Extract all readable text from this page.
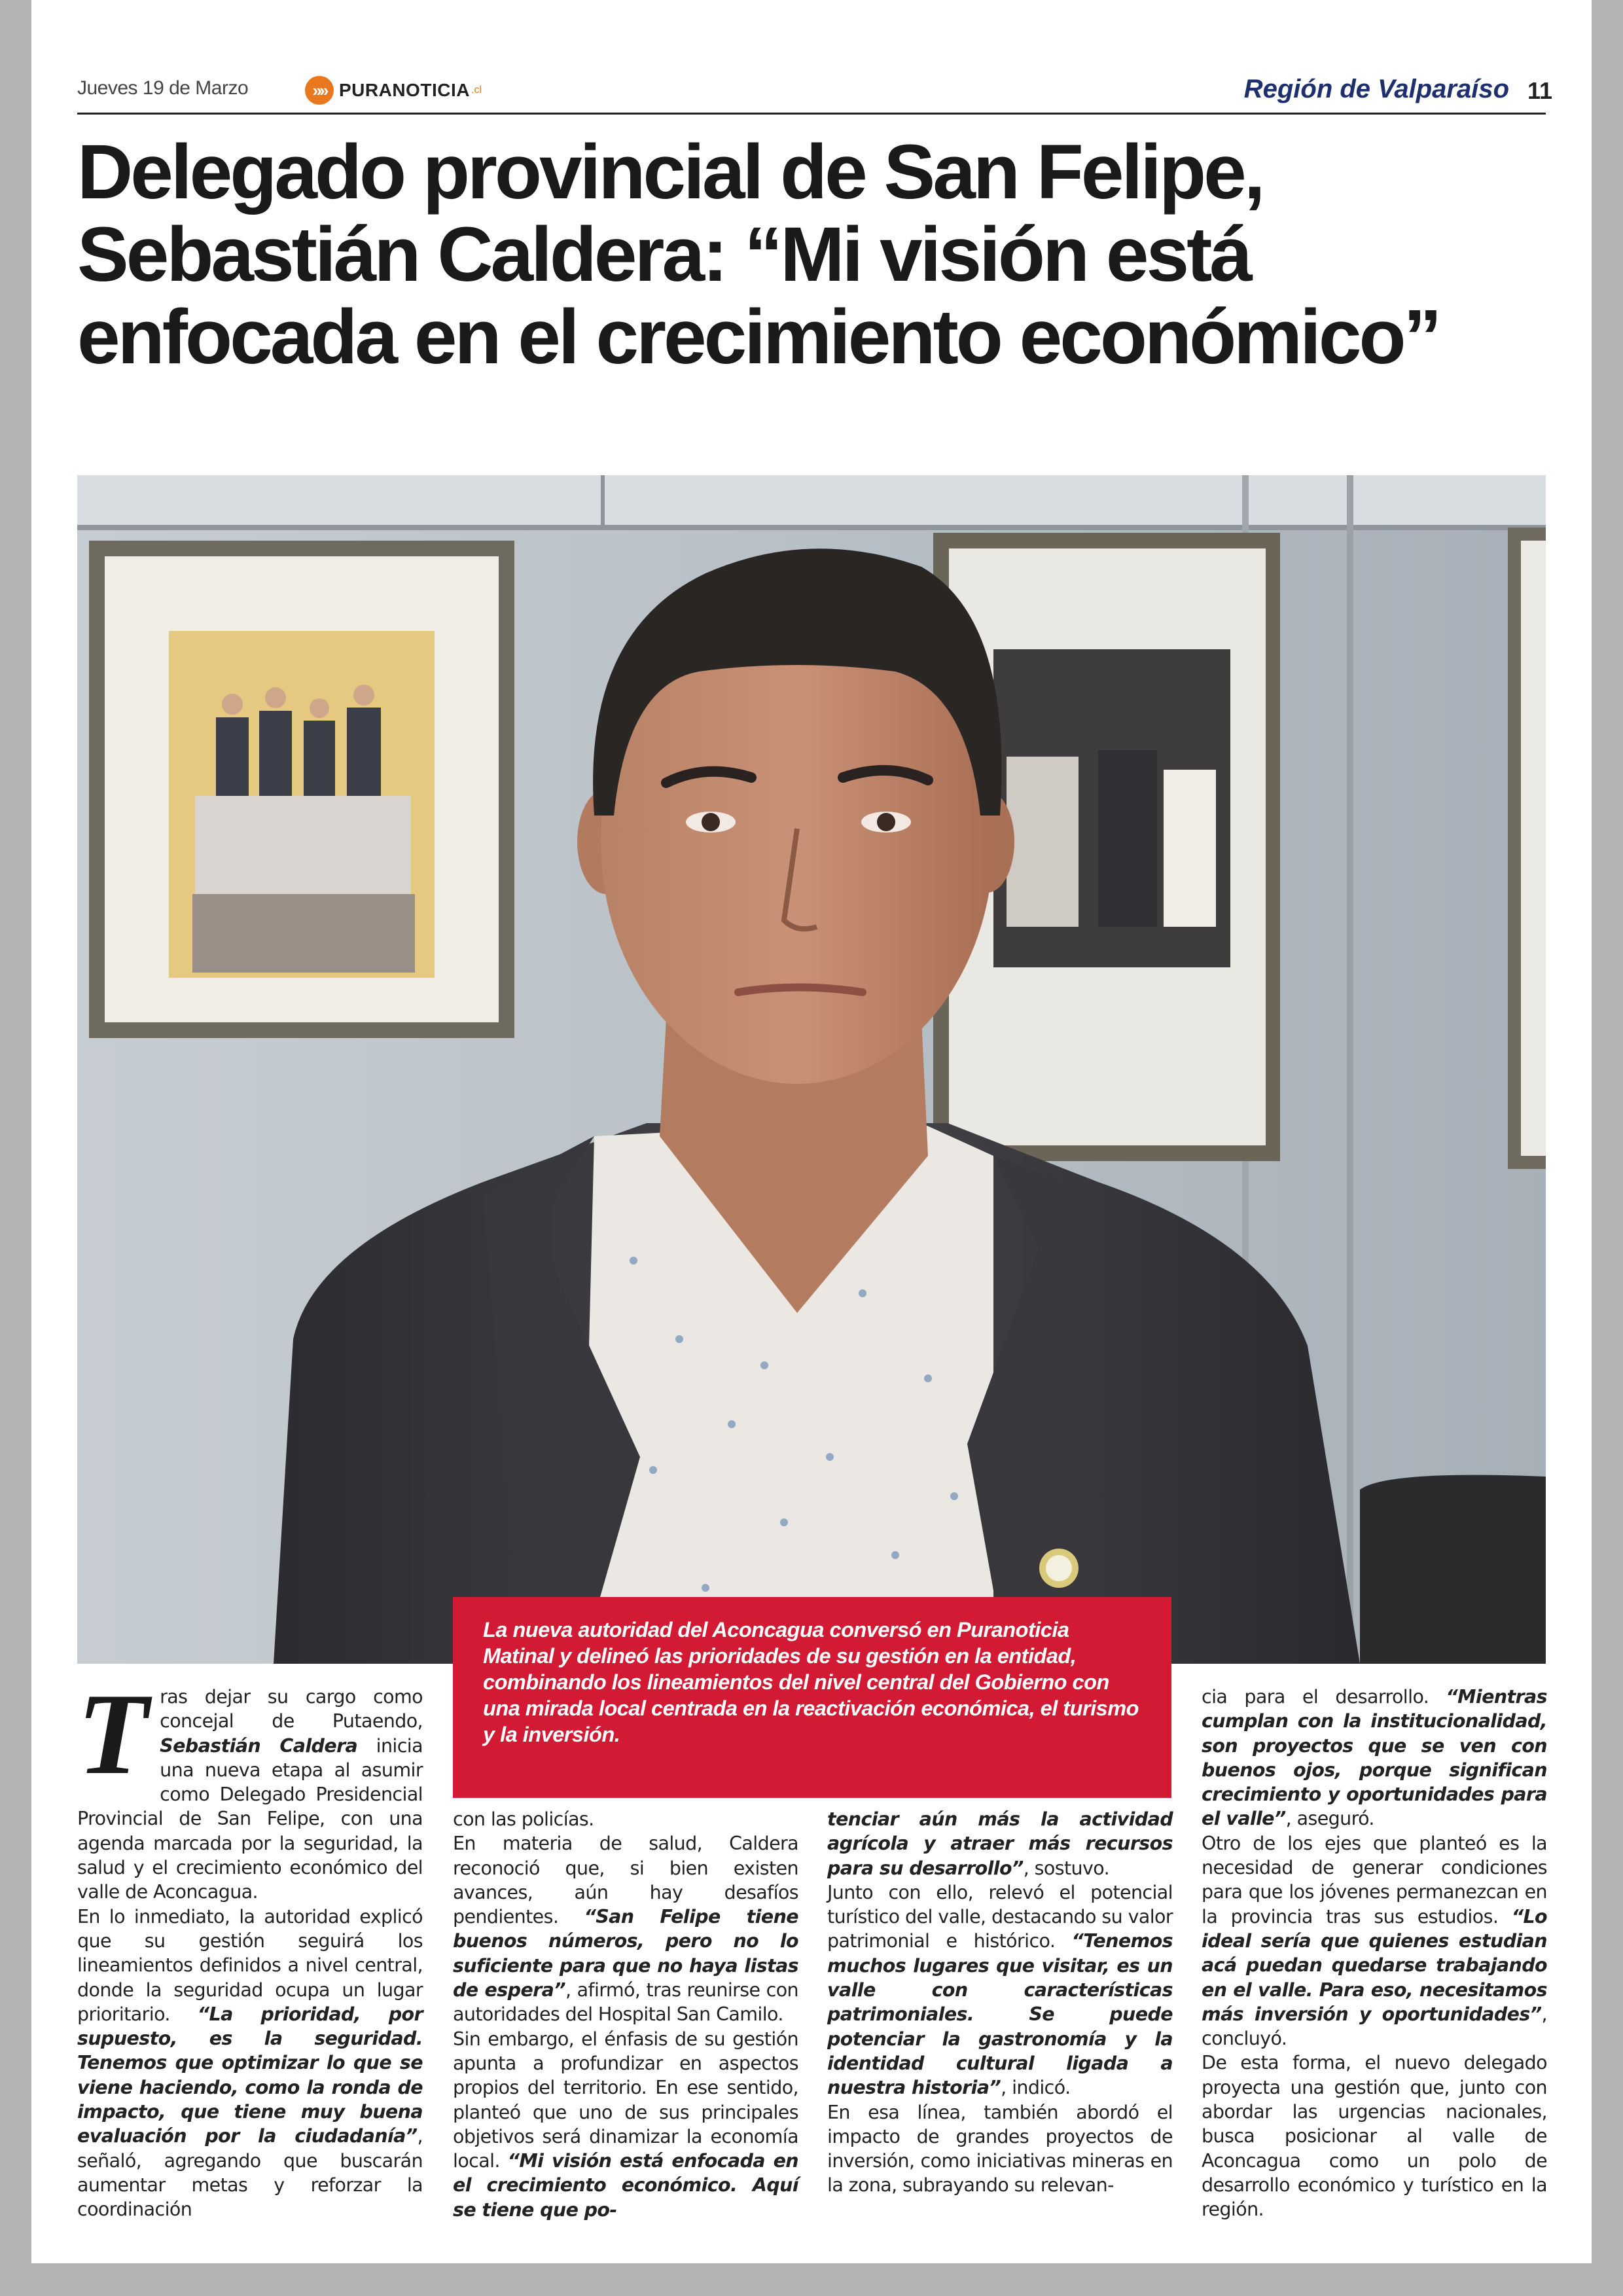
Jueves 19 de Marzo	»» PURANOTICIA .cl	Región de Valparaíso 11
Delegado provincial de San Felipe, Sebastián Caldera: “Mi visión está enfocada en el crecimiento económico”
La nueva autoridad del Aconcagua conversó en Puranoticia Matinal y delineó las prioridades de su gestión en la entidad, combinando los lineamientos del nivel central del Gobierno con una mirada local centrada en la reactivación económica, el turismo y la inversión.

Tras dejar su cargo como concejal de Putaendo, Sebastián Caldera inicia una nueva etapa al asumir como Delegado Presidencial Provincial de San Felipe, con una agenda marcada por la seguridad, la salud y el crecimiento económico del valle de Aconcagua.

En lo inmediato, la autoridad explicó que su gestión seguirá los lineamientos definidos a nivel central, donde la seguridad ocupa un lugar prioritario. “La prioridad, por supuesto, es la seguridad. Tenemos que optimizar lo que se viene haciendo, como la ronda de impacto, que tiene muy buena evaluación por la ciudadanía”, señaló, agregando que buscarán aumentar metas y reforzar la coordinación

con las policías.

En materia de salud, Caldera reconoció que, si bien existen avances, aún hay desafíos pendientes. “San Felipe tiene buenos números, pero no lo suficiente para que no haya listas de espera”, afirmó, tras reunirse con autoridades del Hospital San Camilo.

Sin embargo, el énfasis de su gestión apunta a profundizar en aspectos propios del territorio. En ese sentido, planteó que uno de sus principales objetivos será dinamizar la economía local. “Mi visión está enfocada en el crecimiento económico. Aquí se tiene que po-

tenciar aún más la actividad agrícola y atraer más recursos para su desarrollo”, sostuvo.

Junto con ello, relevó el potencial turístico del valle, destacando su valor patrimonial e histórico. “Tenemos muchos lugares que visitar, es un valle con características patrimoniales. Se puede potenciar la gastronomía y la identidad cultural ligada a nuestra historia”, indicó.

En esa línea, también abordó el impacto de grandes proyectos de inversión, como iniciativas mineras en la zona, subrayando su relevan-

cia para el desarrollo. “Mientras cumplan con la institucionalidad, son proyectos que se ven con buenos ojos, porque significan crecimiento y oportunidades para el valle”, aseguró.

Otro de los ejes que planteó es la necesidad de generar condiciones para que los jóvenes permanezcan en la provincia tras sus estudios. “Lo ideal sería que quienes estudian acá puedan quedarse trabajando en el valle. Para eso, necesitamos más inversión y oportunidades”, concluyó.

De esta forma, el nuevo delegado proyecta una gestión que, junto con abordar las urgencias nacionales, busca posicionar al valle de Aconcagua como un polo de desarrollo económico y turístico en la región.
